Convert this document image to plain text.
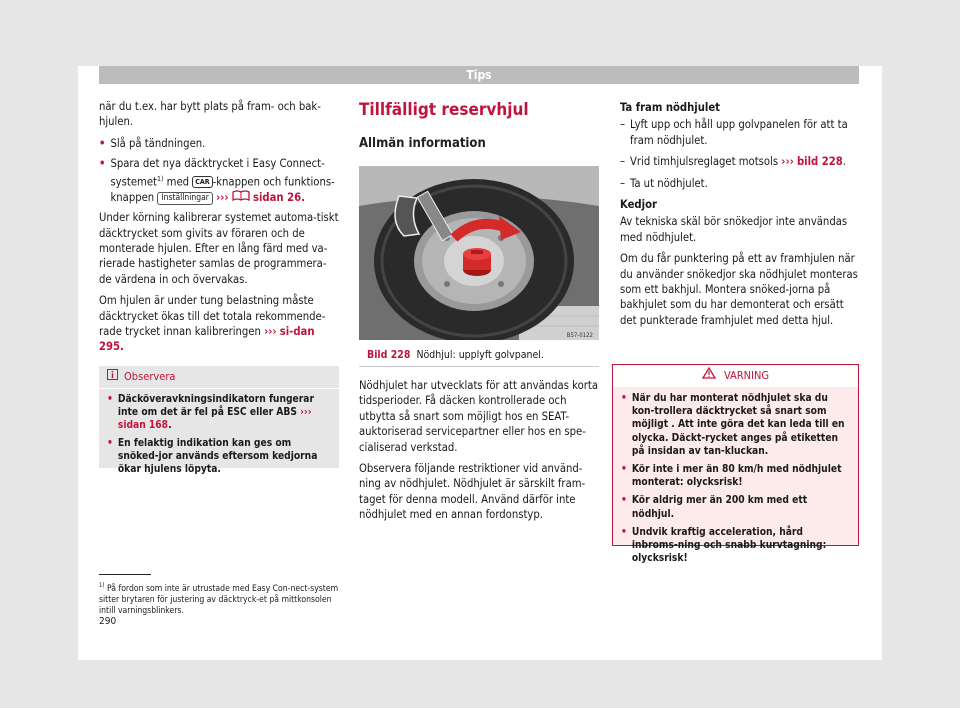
Tips

när du t.ex. har bytt plats på fram- och bak-hjulen.

• Slå på tändningen.
• Spara det nya däcktrycket i Easy Connect-systemet$^{1)}$ med CAR -knappen och funktions-knappen Inställningar ››› sidan 26.

Under körning kalibrerar systemet automa-tiskt däcktrycket som givits av föraren och de monterade hjulen. Efter en lång färd med va-rierade hastigheter samlas de programmera-de värdena in och övervakas.

Om hjulen är under tung belastning måste däcktrycket ökas till det totala rekommende-rade trycket innan kalibreringen ››› si-dan 295.

Observera
• Däcköveravkningsindikatorn fungerar inte om det är fel på ESC eller ABS ››› sidan 168.
• En felaktig indikation kan ges om snöked-jor används eftersom kedjorna ökar hjulens löpyta.
Tillfälligt reservhjul
Allmän information
B57-0122
Bild 228 Nödhjul: upplyft golvpanel.

Nödhjulet har utvecklats för att användas korta tidsperioder. Få däcken kontrollerade och utbytta så snart som möjligt hos en SEAT-auktoriserad servicepartner eller hos en spe-cialiserad verkstad.

Observera följande restriktioner vid använd-ning av nödhjulet. Nödhjulet är särskilt fram-taget för denna modell. Använd därför inte nödhjulet med en annan fordonstyp.

Ta fram nödhjulet

– Lyft upp och håll upp golvpanelen för att ta fram nödhjulet.
– Vrid timhjulsreglaget motsols ››› bild 228.
– Ta ut nödhjulet.

Kedjor

Av tekniska skäl bör snökedjor inte användas med nödhjulet.

Om du får punktering på ett av framhjulen när du använder snökedjor ska nödhjulet monteras som ett bakhjul. Montera snöked-jorna på bakhjulet som du har demonterat och ersätt det punkterade framhjulet med detta hjul.

VARNING
• När du har monterat nödhjulet ska du kon-trollera däcktrycket så snart som möjligt . Att inte göra det kan leda till en olycka. Däckt-rycket anges på etiketten på insidan av tan-kluckan.
• Kör inte i mer än 80 km/h med nödhjulet monterat: olycksrisk!
• Kör aldrig mer än 200 km med ett nödhjul.
• Undvik kraftig acceleration, hård inbroms-ning och snabb kurvtagning: olycksrisk!
$^{1)}$ På fordon som inte är utrustade med Easy Con-nect-system sitter brytaren för justering av däcktryck-et på mittkonsolen intill varningsblinkers.
290
